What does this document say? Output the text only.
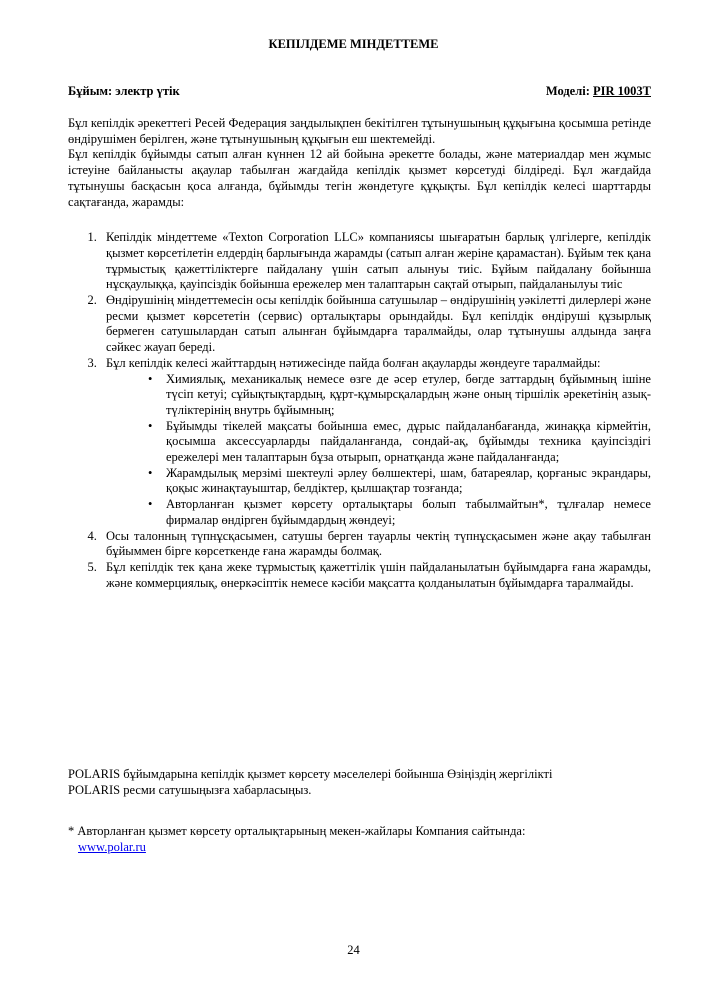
КЕПІЛДЕМЕ МІНДЕТТЕМЕ
Бұйым: электр үтік	Моделі: PIR 1003T

Бұл кепілдік әрекеттегі Ресей Федерация заңдылықпен бекітілген тұтынушының құқығына қосымша ретінде өндірушімен берілген, және тұтынушының құқығын еш шектемейді.

Бұл кепілдік бұйымды сатып алған күннен 12 ай бойына әрекетте болады, және материалдар мен жұмыс істеуіне байланысты ақаулар табылған жағдайда кепілдік қызмет көрсетуді білдіреді. Бұл жағдайда тұтынушы басқасын қоса алғанда, бұйымды тегін жөндетуге құқықты. Бұл кепілдік келесі шарттарды сақтағанда, жарамды:

1. Кепілдік міндеттеме «Texton Corporation LLC» компаниясы шығаратын барлық үлгілерге, кепілдік қызмет көрсетілетін елдердің барлығында жарамды (сатып алған жеріне қарамастан). Бұйым тек қана тұрмыстық қажеттіліктерге пайдалану үшін сатып алынуы тиіс. Бұйым пайдалану бойынша нұсқаулыққа, қауіпсіздік бойынша ережелер мен талаптарын сақтай отырып, пайдаланылуы тиіс
2. Өндірушінің міндеттемесін осы кепілдік бойынша сатушылар – өндірушінің уәкілетті дилерлері және ресми қызмет көрсететін (сервис) орталықтары орындайды. Бұл кепілдік өндіруші құзырлық бермеген сатушылардан сатып алынған бұйымдарға таралмайды, олар тұтынушы алдында заңға сәйкес жауап береді.
3. Бұл кепілдік келесі жайттардың нәтижесінде пайда болған ақауларды жөндеуге таралмайды:
• Химиялық, механикалық немесе өзге де әсер етулер, бөгде заттардың бұйымның ішіне түсіп кетуі; сұйықтықтардың, құрт-құмырсқалардың және оның тіршілік әрекетінің азық-түліктерінің внутрь бұйымның;
• Бұйымды тікелей мақсаты бойынша емес, дұрыс пайдаланбағанда, жинаққа кірмейтін, қосымша аксессуарларды пайдаланғанда, сондай-ақ, бұйымды техника қауіпсіздігі ережелері мен талаптарын бұза отырып, орнатқанда және пайдаланғанда;
• Жарамдылық мерзімі шектеулі әрлеу бөлшектері, шам, батареялар, қорғаныс экрандары, қоқыс жинақтауыштар, белдіктер, қылшақтар тозғанда;
• Авторланған қызмет көрсету орталықтары болып табылмайтын*, тұлғалар немесе фирмалар өндірген бұйымдардың жөндеуі;
4. Осы талонның түпнұсқасымен, сатушы берген тауарлы чектің түпнұсқасымен және ақау табылған бұйыммен бірге көрсеткенде ғана жарамды болмақ.
5. Бұл кепілдік тек қана жеке тұрмыстық қажеттілік үшін пайдаланылатын бұйымдарға ғана жарамды, және коммерциялық, өнеркәсіптік немесе кәсіби мақсатта қолданылатын бұйымдарға таралмайды.

POLARIS бұйымдарына кепілдік қызмет көрсету мәселелері бойынша Өзіңіздің жергілікті

POLARIS ресми сатушыңызға хабарласыңыз.

* Авторланған қызмет көрсету орталықтарының мекен-жайлары Компания сайтында:

www.polar.ru

24
